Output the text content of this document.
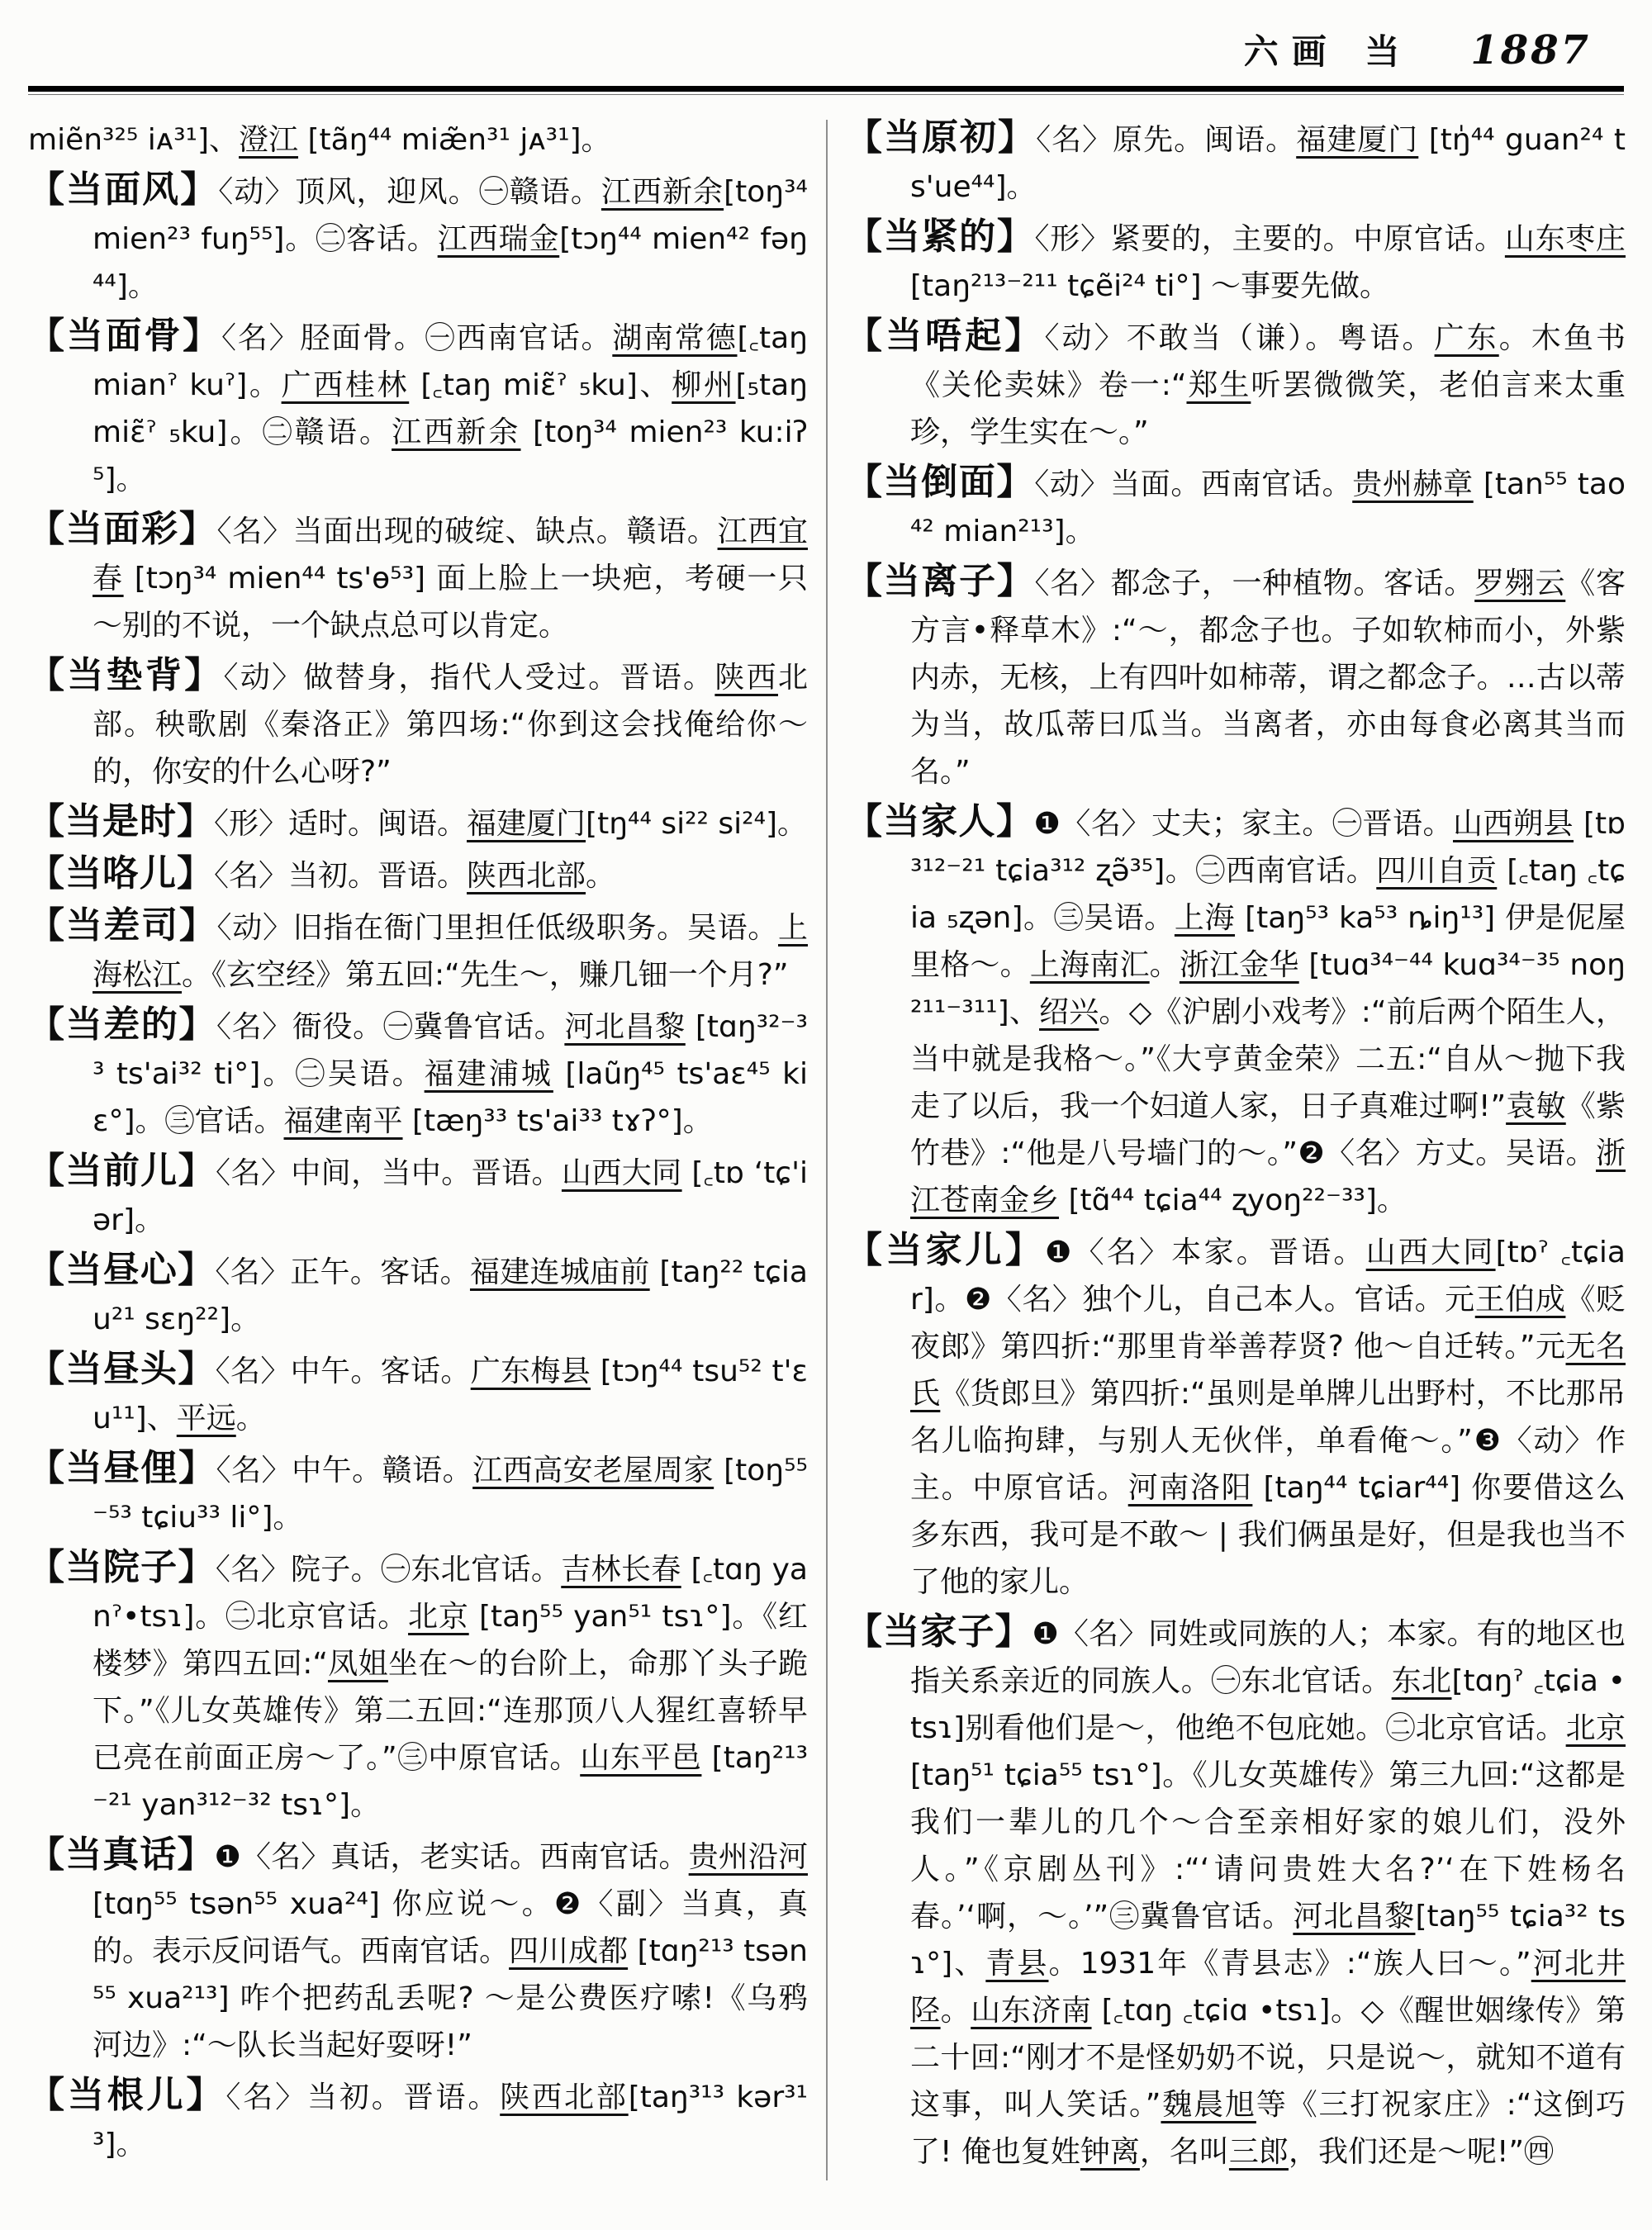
六画 当 1887

miẽn³²⁵ iᴀ³¹]、澄江 [tãŋ⁴⁴ miæ̃n³¹ jᴀ³¹]。

【当面风】〈动〉顶风，迎风。㊀赣语。江西新余[toŋ³⁴ mien²³ fuŋ⁵⁵]。㊁客话。江西瑞金[tɔŋ⁴⁴ mien⁴² fəŋ⁴⁴]。

【当面骨】〈名〉胫面骨。㊀西南官话。湖南常德[꜀taŋ mianˀ kuˀ]。广西桂林 [꜀taŋ miɛ̃ˀ ₅ku]、柳州[₅taŋ miɛ̃ˀ ₅ku]。㊁赣语。江西新余 [toŋ³⁴ mien²³ ku:iʔ⁵]。

【当面彩】〈名〉当面出现的破绽、缺点。赣语。江西宜春 [tɔŋ³⁴ mien⁴⁴ ts'ɵ⁵³] 面上脸上一块疤，考硬一只～别的不说，一个缺点总可以肯定。

【当垫背】〈动〉做替身，指代人受过。晋语。陕西北部。秧歌剧《秦洛正》第四场:“你到这会找俺给你～的，你安的什么心呀?”

【当是时】〈形〉适时。闽语。福建厦门[tŋ⁴⁴ si²² si²⁴]。

【当咯儿】〈名〉当初。晋语。陕西北部。

【当差司】〈动〉旧指在衙门里担任低级职务。吴语。上海松江。《玄空经》第五回:“先生～，赚几钿一个月?”

【当差的】〈名〉衙役。㊀冀鲁官话。河北昌黎 [tɑŋ³²⁻³³ ts'ai³² ti°]。㊁吴语。福建浦城 [laũŋ⁴⁵ ts'aɛ⁴⁵ kiɛ°]。㊂官话。福建南平 [tæŋ³³ ts'ai³³ tɤʔ°]。

【当前儿】〈名〉中间，当中。晋语。山西大同 [꜀tɒ ʻtɕ'iər]。

【当昼心】〈名〉正午。客话。福建连城庙前 [taŋ²² tɕiau²¹ sɛŋ²²]。

【当昼头】〈名〉中午。客话。广东梅县 [tɔŋ⁴⁴ tsu⁵² t'ɛu¹¹]、平远。

【当昼俚】〈名〉中午。赣语。江西高安老屋周家 [toŋ⁵⁵⁻⁵³ tɕiu³³ li°]。

【当院子】〈名〉院子。㊀东北官话。吉林长春 [꜀tɑŋ yanˀ•tsɿ]。㊁北京官话。北京 [taŋ⁵⁵ yan⁵¹ tsɿ°]。《红楼梦》第四五回:“凤姐坐在～的台阶上，命那丫头子跪下。”《儿女英雄传》第二五回:“连那顶八人猩红喜轿早已亮在前面正房～了。”㊂中原官话。山东平邑 [taŋ²¹³⁻²¹ yan³¹²⁻³² tsɿ°]。

【当真话】❶〈名〉真话，老实话。西南官话。贵州沿河 [tɑŋ⁵⁵ tsən⁵⁵ xua²⁴] 你应说～。❷〈副〉当真，真的。表示反问语气。西南官话。四川成都 [tɑŋ²¹³ tsən⁵⁵ xua²¹³] 咋个把药乱丢呢? ～是公费医疗嗦!《乌鸦河边》:“～队长当起好耍呀!”

【当根儿】〈名〉当初。晋语。陕西北部[taŋ³¹³ kər³¹³]。

【当原初】〈名〉原先。闽语。福建厦门 [tŋ̍⁴⁴ guan²⁴ ts'ue⁴⁴]。

【当紧的】〈形〉紧要的，主要的。中原官话。山东枣庄 [taŋ²¹³⁻²¹¹ tɕẽi²⁴ ti°] ～事要先做。

【当唔起】〈动〉不敢当（谦）。粤语。广东。木鱼书《关伦卖妹》卷一:“郑生听罢微微笑，老伯言来太重珍，学生实在～。”

【当倒面】〈动〉当面。西南官话。贵州赫章 [tan⁵⁵ tao⁴² mian²¹³]。

【当离子】〈名〉都念子，一种植物。客话。罗翙云《客方言•释草木》:“～，都念子也。子如软柿而小，外紫内赤，无核，上有四叶如柿蒂，谓之都念子。…古以蒂为当，故瓜蒂曰瓜当。当离者，亦由每食必离其当而名。”

【当家人】❶〈名〉丈夫；家主。㊀晋语。山西朔县 [tɒ³¹²⁻²¹ tɕia³¹² ʐə̃³⁵]。㊁西南官话。四川自贡 [꜀taŋ ꜀tɕia ₅ʐən]。㊂吴语。上海 [taŋ⁵³ ka⁵³ ȵiŋ¹³] 伊是伲屋里格～。上海南汇。浙江金华 [tuɑ³⁴⁻⁴⁴ kuɑ³⁴⁻³⁵ noŋ²¹¹⁻³¹¹]、绍兴。◇《沪剧小戏考》:“前后两个陌生人，当中就是我格～。”《大亨黄金荣》二五:“自从～抛下我走了以后，我一个妇道人家，日子真难过啊!”袁敏《紫竹巷》:“他是八号墙门的～。”❷〈名〉方丈。吴语。浙江苍南金乡 [tɑ̃⁴⁴ tɕia⁴⁴ ʐyoŋ²²⁻³³]。

【当家儿】❶〈名〉本家。晋语。山西大同[tɒˀ ꜀tɕiar]。❷〈名〉独个儿，自己本人。官话。元王伯成《贬夜郎》第四折:“那里肯举善荐贤? 他～自迁转。”元无名氏《货郎旦》第四折:“虽则是单牌儿出野村，不比那吊名儿临拘肆，与别人无伙伴，单看俺～。”❸〈动〉作主。中原官话。河南洛阳 [taŋ⁴⁴ tɕiar⁴⁴] 你要借这么多东西，我可是不敢～ | 我们俩虽是好，但是我也当不了他的家儿。

【当家子】❶〈名〉同姓或同族的人；本家。有的地区也指关系亲近的同族人。㊀东北官话。东北[tɑŋˀ ꜀tɕia •tsɿ]别看他们是～，他绝不包庇她。㊁北京官话。北京 [taŋ⁵¹ tɕia⁵⁵ tsɿ°]。《儿女英雄传》第三九回:“这都是我们一辈儿的几个～合至亲相好家的娘儿们，没外人。”《京剧丛刊》:“‘请问贵姓大名?’‘在下姓杨名春。’‘啊，～。’”㊂冀鲁官话。河北昌黎[taŋ⁵⁵ tɕia³² tsɿ°]、青县。1931年《青县志》:“族人曰～。”河北井陉。山东济南 [꜀tɑŋ ꜀tɕiɑ •tsɿ]。◇《醒世姻缘传》第二十回:“刚才不是怪奶奶不说，只是说～，就知不道有这事，叫人笑话。”魏晨旭等《三打祝家庄》:“这倒巧了! 俺也复姓钟离，名叫三郎，我们还是～呢!”㊃
